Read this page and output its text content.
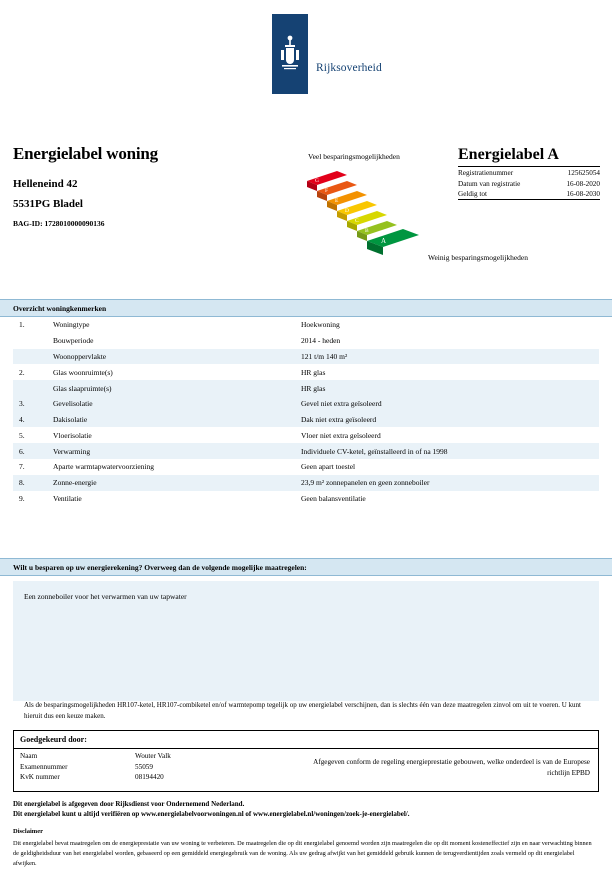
Rijksoverheid
Energielabel woning
Helleneind 42
5531PG Bladel
BAG-ID: 1728010000090136
Veel besparingsmogelijkheden
Weinig besparingsmogelijkheden
G
F
E
D
C
B
A
Energielabel A
Registratienummer	125625054
Datum van registratie	16-08-2020
Geldig tot	16-08-2030
Overzicht woningkenmerken
1.	Woningtype	Hoekwoning
	Bouwperiode	2014 - heden
	Woonoppervlakte	121 t/m 140 m²
2.	Glas woonruimte(s)	HR glas
	Glas slaapruimte(s)	HR glas
3.	Gevelisolatie	Gevel niet extra geïsoleerd
4.	Dakisolatie	Dak niet extra geïsoleerd
5.	Vloerisolatie	Vloer niet extra geïsoleerd
6.	Verwarming	Individuele CV-ketel, geïnstalleerd in of na 1998
7.	Aparte warmtapwatervoorziening	Geen apart toestel
8.	Zonne-energie	23,9 m² zonnepanelen en geen zonneboiler
9.	Ventilatie	Geen balansventilatie
Wilt u besparen op uw energierekening? Overweeg dan de volgende mogelijke maatregelen:
Een zonneboiler voor het verwarmen van uw tapwater
Als de besparingsmogelijkheden HR107-ketel, HR107-combiketel en/of warmtepomp tegelijk op uw energielabel verschijnen, dan is slechts één van deze maatregelen zinvol om uit te voeren. U kunt hieruit dus een keuze maken.
Goedgekeurd door:
Naam	Wouter Valk
Examennummer	55059
KvK nummer	08194420
Afgegeven conform de regeling energieprestatie gebouwen, welke onderdeel is van de Europese richtlijn EPBD
Dit energielabel is afgegeven door Rijksdienst voor Ondernemend Nederland.
Dit energielabel kunt u altijd verifiëren op www.energielabelvoorwoningen.nl of www.energielabel.nl/woningen/zoek-je-energielabel/.
Disclaimer
Dit energielabel bevat maatregelen om de energieprestatie van uw woning te verbeteren. De maatregelen die op dit energielabel genoemd worden zijn maatregelen die op dit moment kosteneffectief zijn en naar verwachting binnen de geldigheidsduur van het energielabel worden, gebaseerd op een gemiddeld energiegebruik van de woning. Als uw gedrag afwijkt van het gemiddeld gebruik kunnen de terugverdientijden zoals vermeld op dit energielabel afwijken.
